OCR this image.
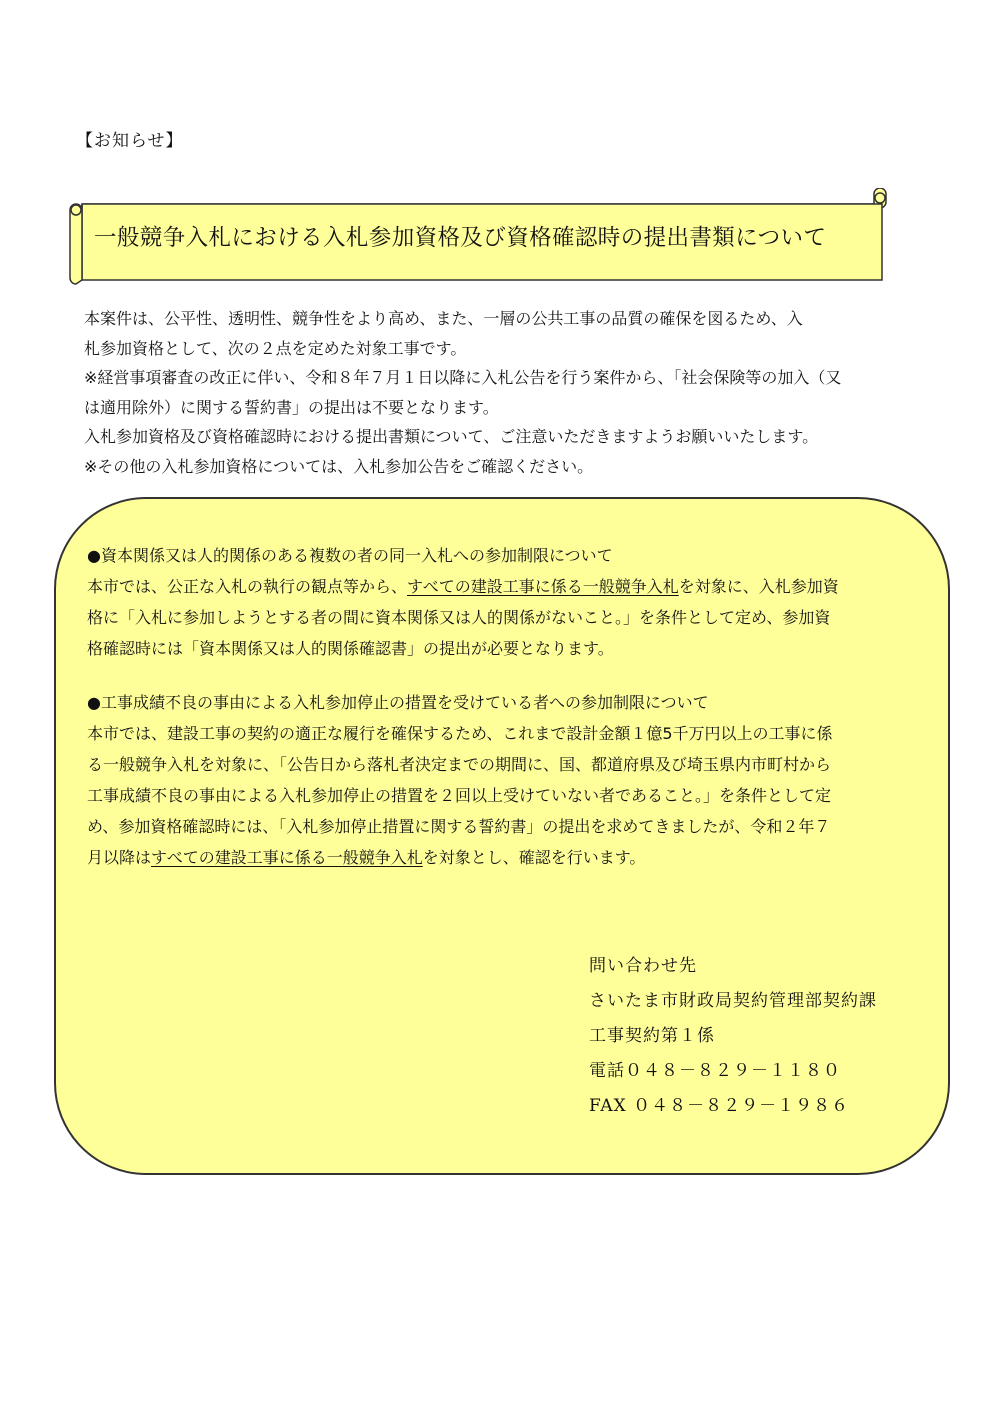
【お知らせ】
一般競争入札における入札参加資格及び資格確認時の提出書類について

本案件は、公平性、透明性、競争性をより高め、また、一層の公共工事の品質の確保を図るため、入

札参加資格として、次の２点を定めた対象工事です。

※経営事項審査の改正に伴い、令和８年７月１日以降に入札公告を行う案件から、「社会保険等の加入（又

は適用除外）に関する誓約書」の提出は不要となります。

入札参加資格及び資格確認時における提出書類について、ご注意いただきますようお願いいたします。

※その他の入札参加資格については、入札参加公告をご確認ください。

●資本関係又は人的関係のある複数の者の同一入札への参加制限について

本市では、公正な入札の執行の観点等から、すべての建設工事に係る一般競争入札を対象に、入札参加資

格に「入札に参加しようとする者の間に資本関係又は人的関係がないこと。」を条件として定め、参加資

格確認時には「資本関係又は人的関係確認書」の提出が必要となります。

●工事成績不良の事由による入札参加停止の措置を受けている者への参加制限について

本市では、建設工事の契約の適正な履行を確保するため、これまで設計金額１億5千万円以上の工事に係

る一般競争入札を対象に、「公告日から落札者決定までの期間に、国、都道府県及び埼玉県内市町村から

工事成績不良の事由による入札参加停止の措置を２回以上受けていない者であること。」を条件として定

め、参加資格確認時には、「入札参加停止措置に関する誓約書」の提出を求めてきましたが、令和２年７

月以降はすべての建設工事に係る一般競争入札を対象とし、確認を行います。

問い合わせ先
さいたま市財政局契約管理部契約課
工事契約第１係
電話０４８－８２９－１１８０
FAX ０４８－８２９－１９８６
